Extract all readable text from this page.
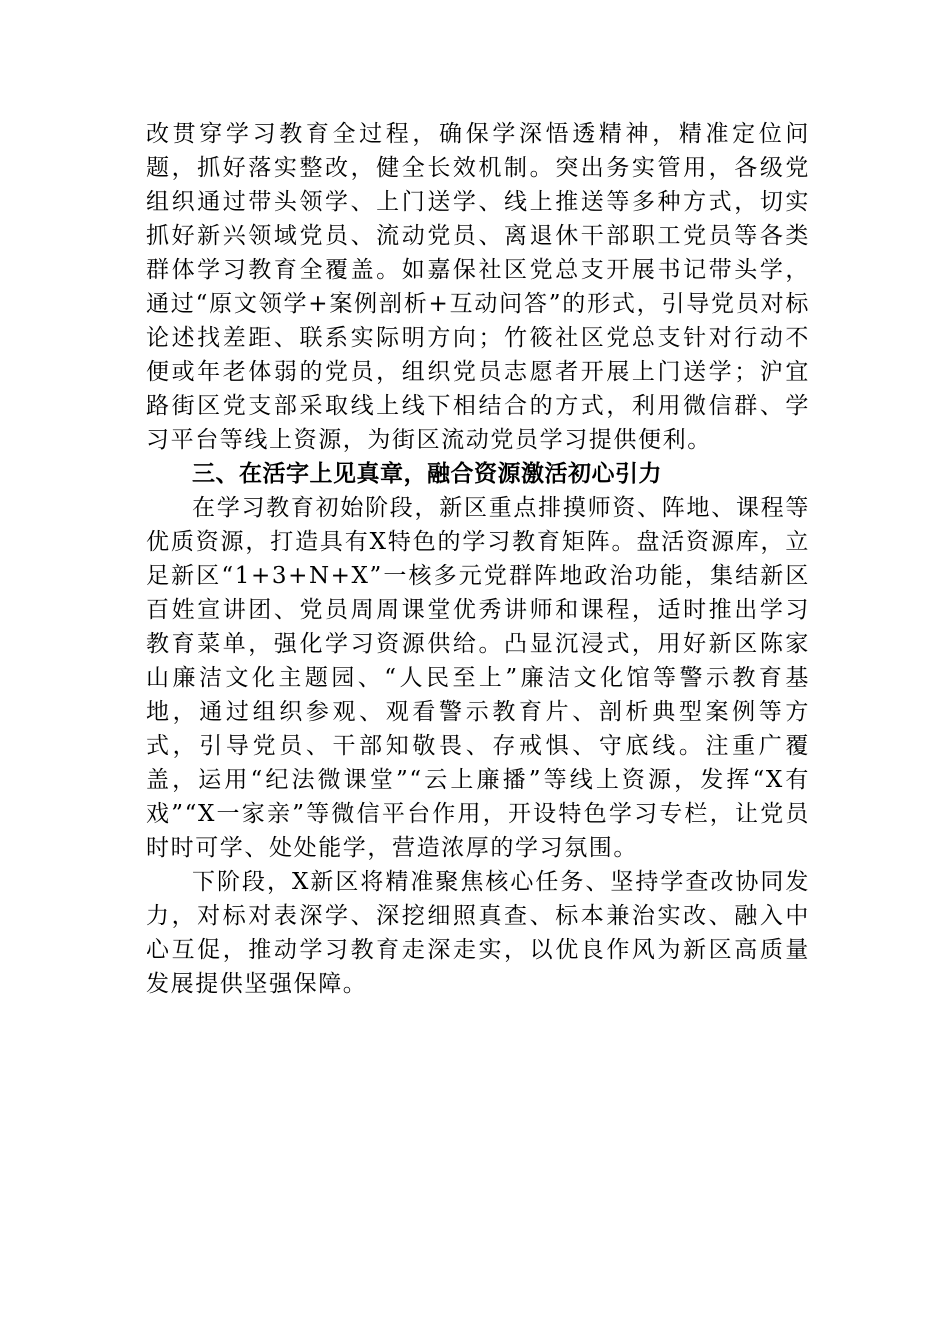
改贯穿学习教育全过程，确保学深悟透精神，精准定位问题，抓好落实整改，健全长效机制。突出务实管用，各级党组织通过带头领学、上门送学、线上推送等多种方式，切实抓好新兴领域党员、流动党员、离退休干部职工党员等各类群体学习教育全覆盖。如嘉保社区党总支开展书记带头学，通过“原文领学+案例剖析+互动问答”的形式，引导党员对标论述找差距、联系实际明方向；竹筱社区党总支针对行动不便或年老体弱的党员，组织党员志愿者开展上门送学；沪宜路街区党支部采取线上线下相结合的方式，利用微信群、学习平台等线上资源，为街区流动党员学习提供便利。

三、在活字上见真章，融合资源激活初心引力

在学习教育初始阶段，新区重点排摸师资、阵地、课程等优质资源，打造具有X特色的学习教育矩阵。盘活资源库，立足新区“1+3+N+X”一核多元党群阵地政治功能，集结新区百姓宣讲团、党员周周课堂优秀讲师和课程，适时推出学习教育菜单，强化学习资源供给。凸显沉浸式，用好新区陈家山廉洁文化主题园、“人民至上”廉洁文化馆等警示教育基地，通过组织参观、观看警示教育片、剖析典型案例等方式，引导党员、干部知敬畏、存戒惧、守底线。注重广覆盖，运用“纪法微课堂”“云上廉播”等线上资源，发挥“X有戏”“X一家亲”等微信平台作用，开设特色学习专栏，让党员时时可学、处处能学，营造浓厚的学习氛围。

下阶段，X新区将精准聚焦核心任务、坚持学查改协同发力，对标对表深学、深挖细照真查、标本兼治实改、融入中心互促，推动学习教育走深走实，以优良作风为新区高质量发展提供坚强保障。
